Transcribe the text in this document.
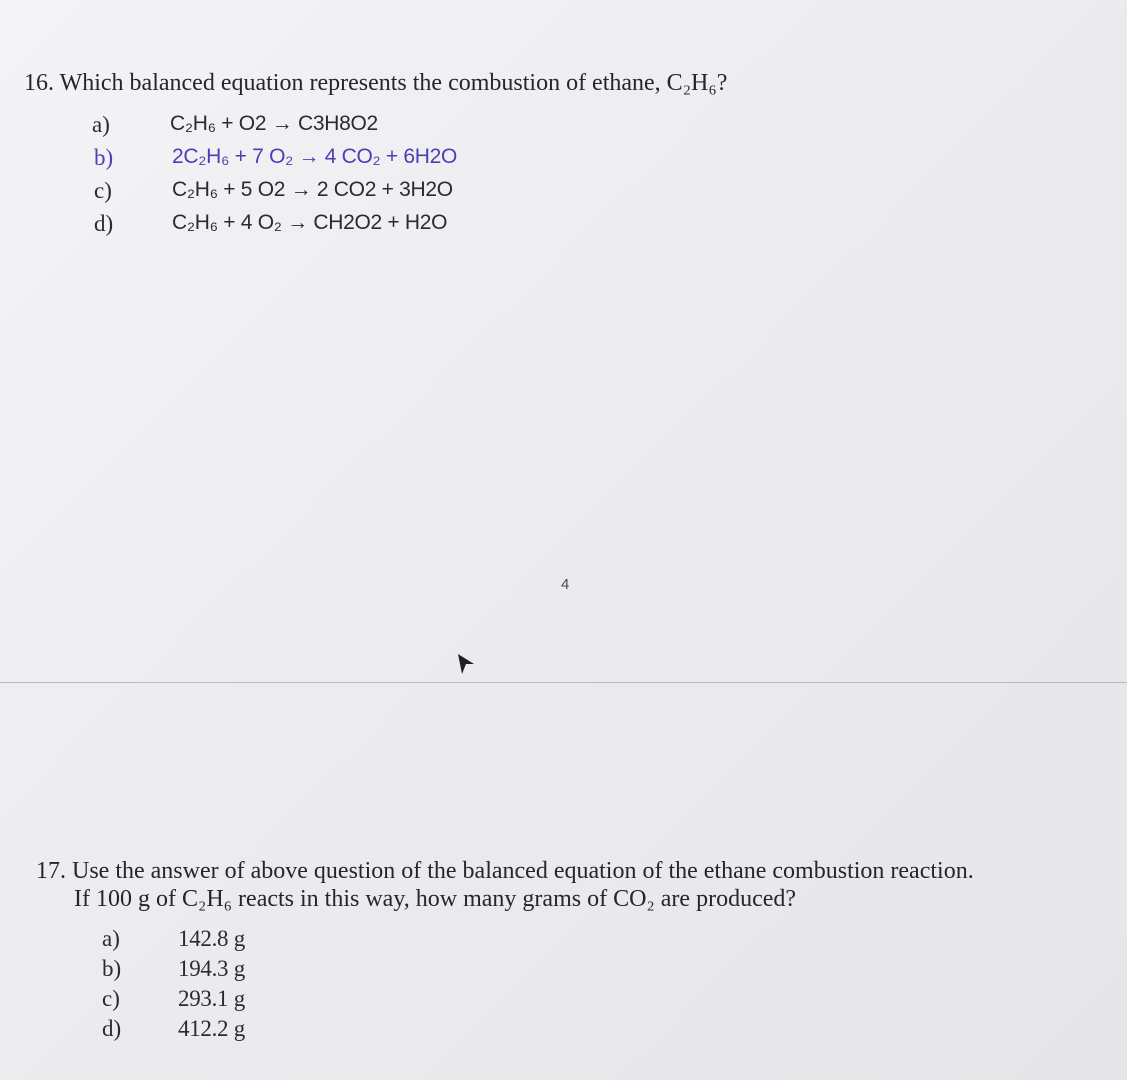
16. Which balanced equation represents the combustion of ethane, C₂H₆?
a)	C₂H₆ + O2 → C3H8O2
b)	2C₂H₆ + 7 O₂ → 4 CO₂ + 6H2O
c)	C₂H₆ + 5 O2 → 2 CO2 + 3H2O
d)	C₂H₆ + 4 O₂ → CH2O2 + H2O
4
17. Use the answer of above question of the balanced equation of the ethane combustion reaction.
If 100 g of C₂H₆ reacts in this way, how many grams of CO₂ are produced?
a)	142.8 g
b) 194.3 g
c)	293.1 g
d) 412.2 g
